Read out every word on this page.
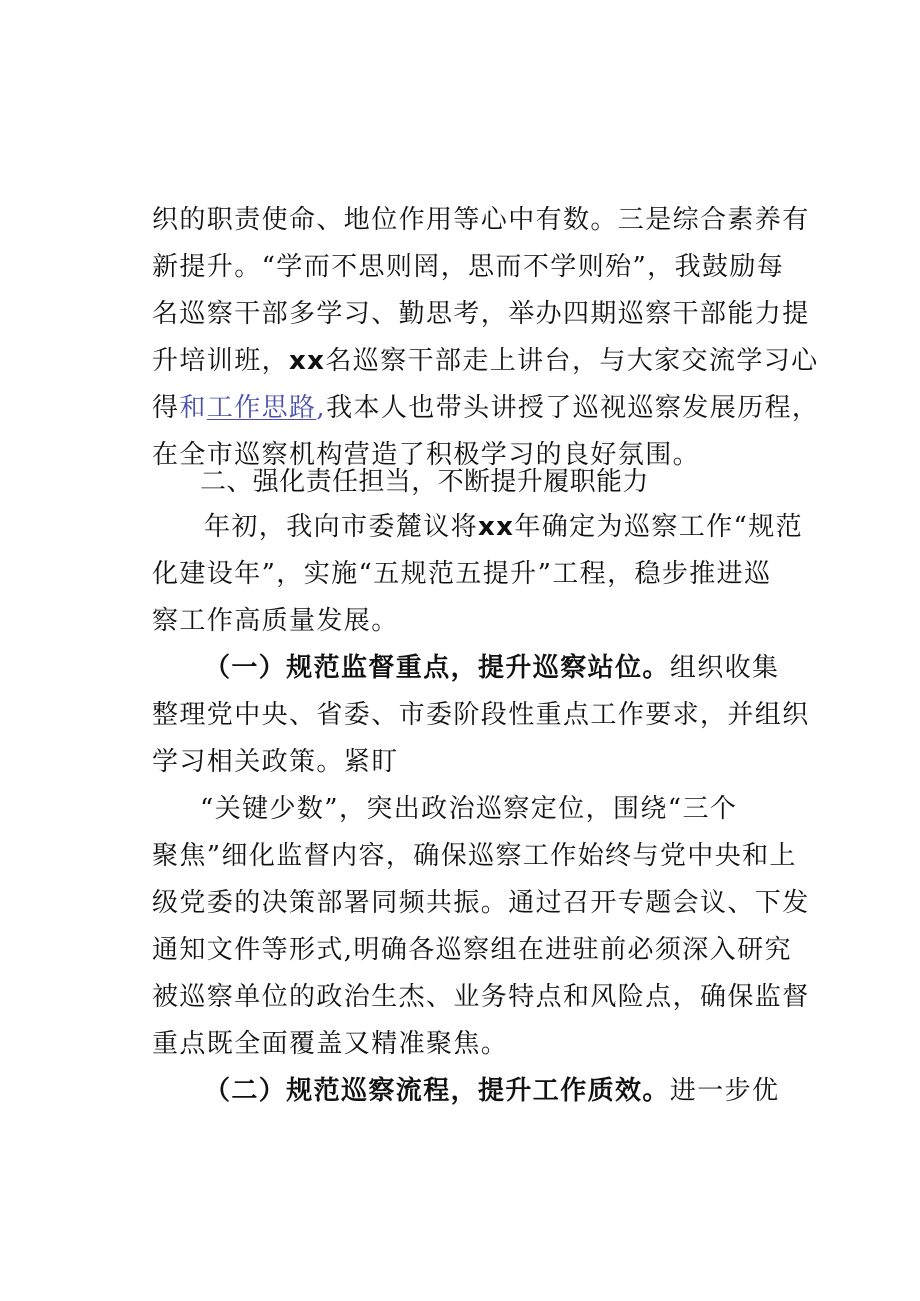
织的职责使命、地位作用等心中有数。三是综合素养有
新提升。“学而不思则罔，思而不学则殆”，我鼓励每
名巡察干部多学习、勤思考，举办四期巡察干部能力提
升培训班，xx名巡察干部走上讲台，与大家交流学习心
得和工作思路,我本人也带头讲授了巡视巡察发展历程，
在全市巡察机构营造了积极学习的良好氛围。
二、强化责任担当，不断提升履职能力
年初，我向市委麓议将xx年确定为巡察工作“规范
化建设年”，实施“五规范五提升”工程，稳步推进巡
察工作高质量发展。
（一）规范监督重点，提升巡察站位。组织收集
整理党中央、省委、市委阶段性重点工作要求，并组织
学习相关政策。紧盯
“关键少数”，突出政治巡察定位，围绕“三个
聚焦”细化监督内容，确保巡察工作始终与党中央和上
级党委的决策部署同频共振。通过召开专题会议、下发
通知文件等形式,明确各巡察组在进驻前必须深入研究
被巡察单位的政治生杰、业务特点和风险点，确保监督
重点既全面覆盖又精准聚焦。
（二）规范巡察流程，提升工作质效。进一步优
